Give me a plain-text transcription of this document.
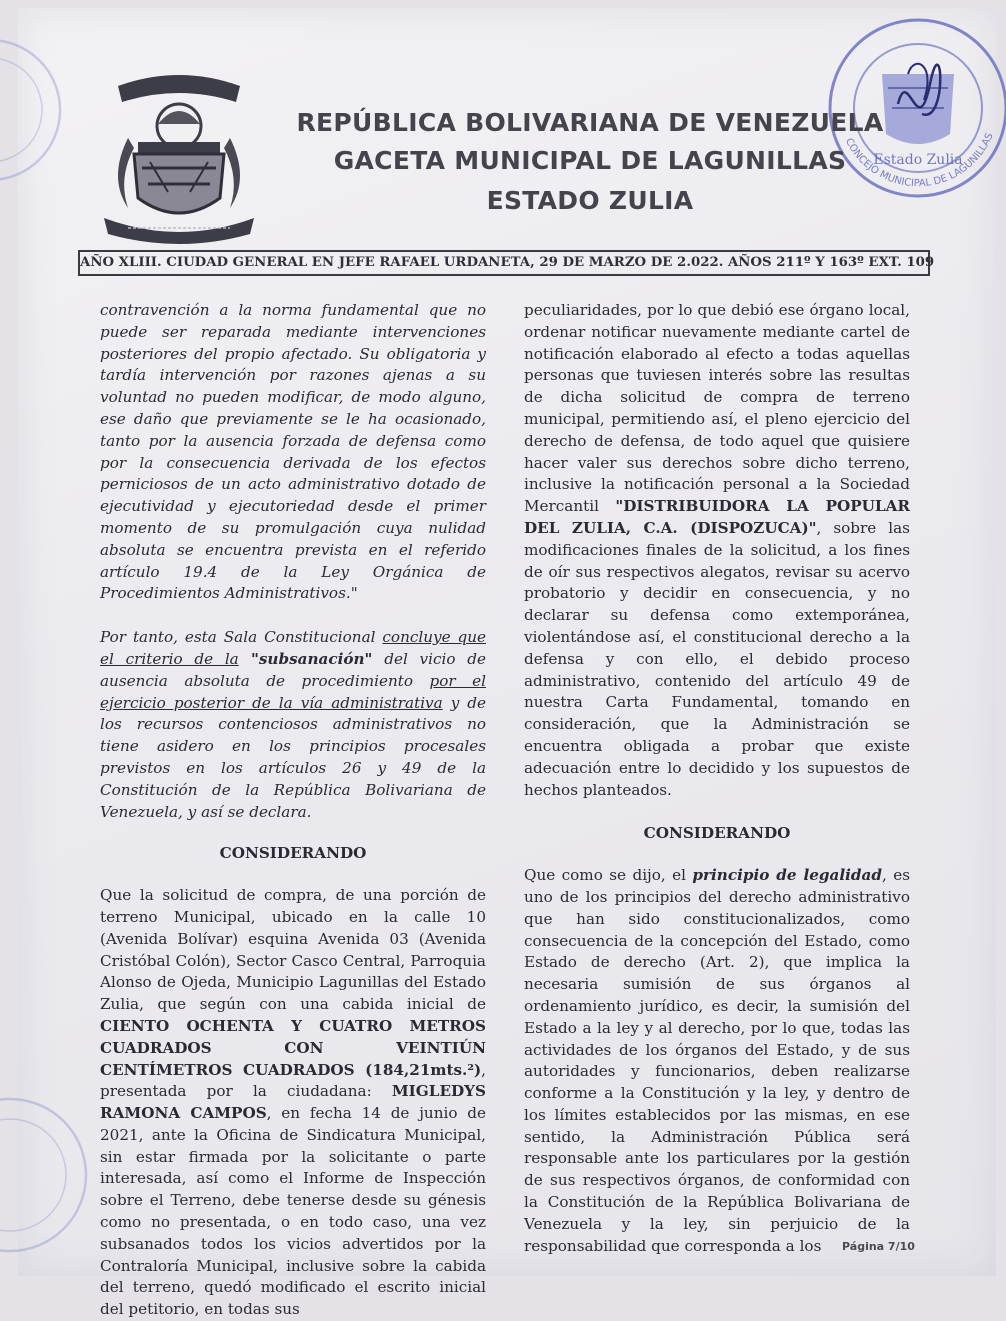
Estado Zulia
CONCEJO MUNICIPAL DE LAGUNILLAS
REPÚBLICA BOLIVARIANA DE VENEZUELA
GACETA MUNICIPAL DE LAGUNILLAS
ESTADO ZULIA
AÑO XLIII. CIUDAD GENERAL EN JEFE RAFAEL URDANETA, 29 DE MARZO DE 2.022. AÑOS 211º Y 163º EXT. 109

contravención a la norma fundamental que no puede ser reparada mediante intervenciones posteriores del propio afectado. Su obligatoria y tardía intervención por razones ajenas a su voluntad no pueden modificar, de modo alguno, ese daño que previamente se le ha ocasionado, tanto por la ausencia forzada de defensa como por la consecuencia derivada de los efectos perniciosos de un acto administrativo dotado de ejecutividad y ejecutoriedad desde el primer momento de su promulgación cuya nulidad absoluta se encuentra prevista en el referido artículo 19.4 de la Ley Orgánica de Procedimientos Administrativos."

Por tanto, esta Sala Constitucional concluye que el criterio de la "subsanación" del vicio de ausencia absoluta de procedimiento por el ejercicio posterior de la vía administrativa y de los recursos contenciosos administrativos no tiene asidero en los principios procesales previstos en los artículos 26 y 49 de la Constitución de la República Bolivariana de Venezuela, y así se declara.

CONSIDERANDO

Que la solicitud de compra, de una porción de terreno Municipal, ubicado en la calle 10 (Avenida Bolívar) esquina Avenida 03 (Avenida Cristóbal Colón), Sector Casco Central, Parroquia Alonso de Ojeda, Municipio Lagunillas del Estado Zulia, que según con una cabida inicial de CIENTO OCHENTA Y CUATRO METROS CUADRADOS CON VEINTIÚN CENTÍMETROS CUADRADOS (184,21mts.²), presentada por la ciudadana: MIGLEDYS RAMONA CAMPOS, en fecha 14 de junio de 2021, ante la Oficina de Sindicatura Municipal, sin estar firmada por la solicitante o parte interesada, así como el Informe de Inspección sobre el Terreno, debe tenerse desde su génesis como no presentada, o en todo caso, una vez subsanados todos los vicios advertidos por la Contraloría Municipal, inclusive sobre la cabida del terreno, quedó modificado el escrito inicial del petitorio, en todas sus

peculiaridades, por lo que debió ese órgano local, ordenar notificar nuevamente mediante cartel de notificación elaborado al efecto a todas aquellas personas que tuviesen interés sobre las resultas de dicha solicitud de compra de terreno municipal, permitiendo así, el pleno ejercicio del derecho de defensa, de todo aquel que quisiere hacer valer sus derechos sobre dicho terreno, inclusive la notificación personal a la Sociedad Mercantil "DISTRIBUIDORA LA POPULAR DEL ZULIA, C.A. (DISPOZUCA)", sobre las modificaciones finales de la solicitud, a los fines de oír sus respectivos alegatos, revisar su acervo probatorio y decidir en consecuencia, y no declarar su defensa como extemporánea, violentándose así, el constitucional derecho a la defensa y con ello, el debido proceso administrativo, contenido del artículo 49 de nuestra Carta Fundamental, tomando en consideración, que la Administración se encuentra obligada a probar que existe adecuación entre lo decidido y los supuestos de hechos planteados.

CONSIDERANDO

Que como se dijo, el principio de legalidad, es uno de los principios del derecho administrativo que han sido constitucionalizados, como consecuencia de la concepción del Estado, como Estado de derecho (Art. 2), que implica la necesaria sumisión de sus órganos al ordenamiento jurídico, es decir, la sumisión del Estado a la ley y al derecho, por lo que, todas las actividades de los órganos del Estado, y de sus autoridades y funcionarios, deben realizarse conforme a la Constitución y la ley, y dentro de los límites establecidos por las mismas, en ese sentido, la Administración Pública será responsable ante los particulares por la gestión de sus respectivos órganos, de conformidad con la Constitución de la República Bolivariana de Venezuela y la ley, sin perjuicio de la responsabilidad que corresponda a los	Página 7/10
